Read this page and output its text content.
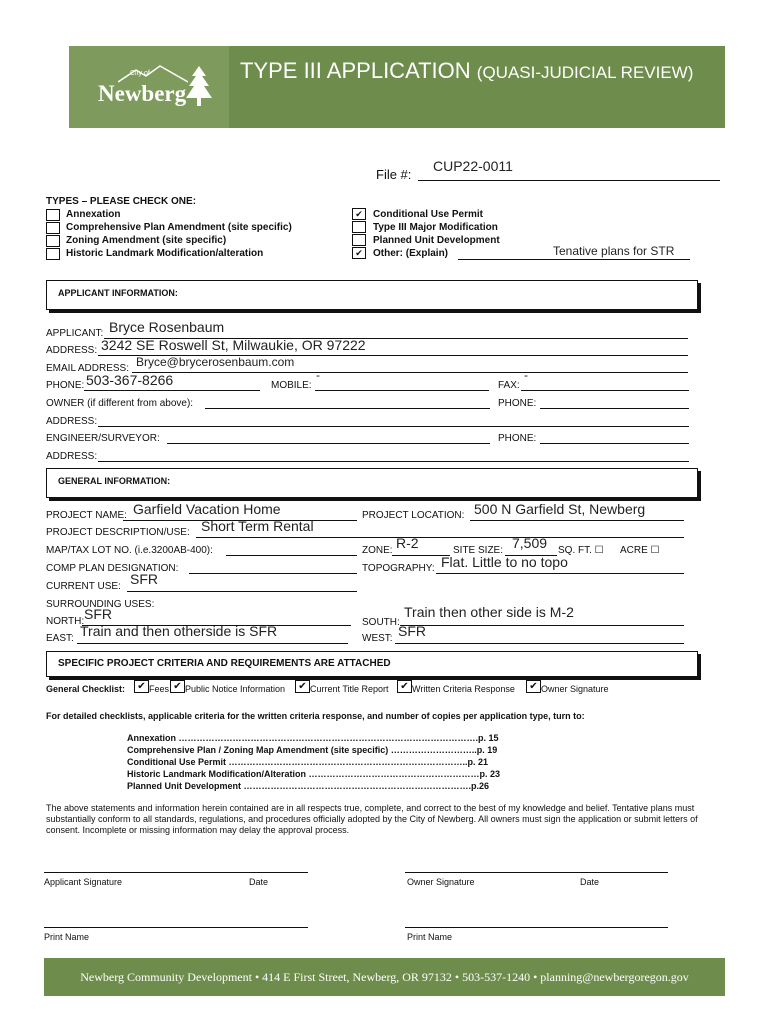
City of
Newberg
TYPE III APPLICATION (QUASI-JUDICIAL REVIEW)
File #:
CUP22-0011
TYPES – PLEASE CHECK ONE:
Annexation
Comprehensive Plan Amendment (site specific)
Zoning Amendment (site specific)
Historic Landmark Modification/alteration
✔	Conditional Use Permit
Type III Major Modification
Planned Unit Development
✔	Other: (Explain)	Tenative plans for STR
APPLICANT INFORMATION:
APPLICANT: Bryce Rosenbaum
ADDRESS: 3242 SE Roswell St, Milwaukie, OR 97222
EMAIL ADDRESS: Bryce@brycerosenbaum.com
PHONE: 503-367-8266	MOBILE:
-
FAX:
-
OWNER (if different from above):	PHONE:
ADDRESS:
ENGINEER/SURVEYOR:	PHONE:
ADDRESS:
GENERAL INFORMATION:
PROJECT NAME: Garfield Vacation Home	PROJECT LOCATION: 500 N Garfield St, Newberg
PROJECT DESCRIPTION/USE: Short Term Rental
MAP/TAX LOT NO. (i.e.3200AB-400):	ZONE: R-2	SITE SIZE: 7,509 SQ. FT. ☐ ACRE ☐
COMP PLAN DESIGNATION:	TOPOGRAPHY: Flat. Little to no topo
CURRENT USE: SFR
SURROUNDING USES:
NORTH: SFR
SOUTH:
Train then other side is M-2
EAST: Train and then otherside is SFR	WEST: SFR
SPECIFIC PROJECT CRITERIA AND REQUIREMENTS ARE ATTACHED
General Checklist:	✔ Fees ✔ Public Notice Information	✔ Current Title Report	✔ Written Criteria Response	✔ Owner Signature
For detailed checklists, applicable criteria for the written criteria response, and number of copies per application type, turn to:
Annexation ……………………………………………………………………………………….p. 15
Comprehensive Plan / Zoning Map Amendment (site specific) ………………………..p. 19
Conditional Use Permit ……………………………………………………………………..p. 21
Historic Landmark Modification/Alteration …………………………………………………p. 23
Planned Unit Development ………………………………………………………………….p.26
The above statements and information herein contained are in all respects true, complete, and correct to the best of my knowledge and belief. Tentative plans must substantially conform to all standards, regulations, and procedures officially adopted by the City of Newberg. All owners must sign the application or submit letters of consent. Incomplete or missing information may delay the approval process.
Applicant Signature	Date	Owner Signature	Date
Print Name	Print Name
Newberg Community Development • 414 E First Street, Newberg, OR 97132 • 503-537-1240 • planning@newbergoregon.gov
